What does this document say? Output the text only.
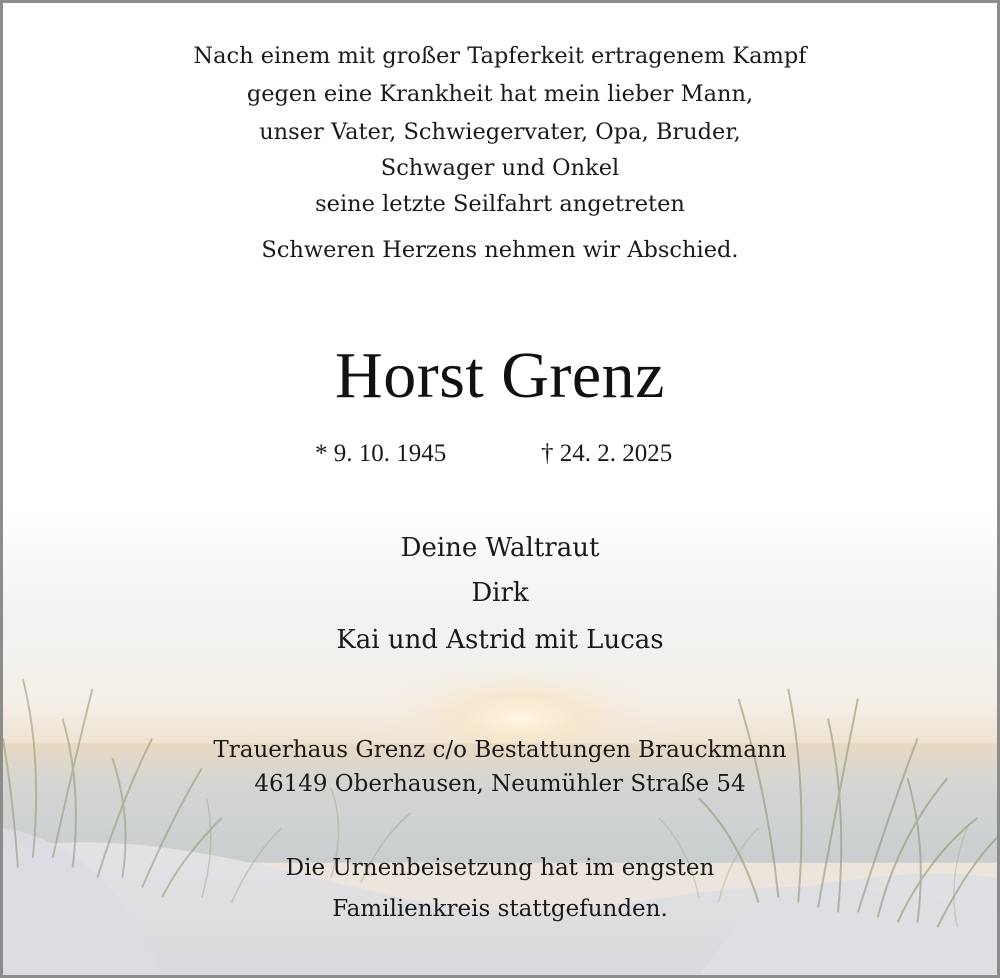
Nach einem mit großer Tapferkeit ertragenem Kampf
gegen eine Krankheit hat mein lieber Mann,
unser Vater, Schwiegervater, Opa, Bruder,
Schwager und Onkel
seine letzte Seilfahrt angetreten
Schweren Herzens nehmen wir Abschied.
Horst Grenz
* 9. 10. 1945	† 24. 2. 2025
Deine Waltraut
Dirk
Kai und Astrid mit Lucas
Trauerhaus Grenz c/o Bestattungen Brauckmann
46149 Oberhausen, Neumühler Straße 54
Die Urnenbeisetzung hat im engsten
Familienkreis stattgefunden.
